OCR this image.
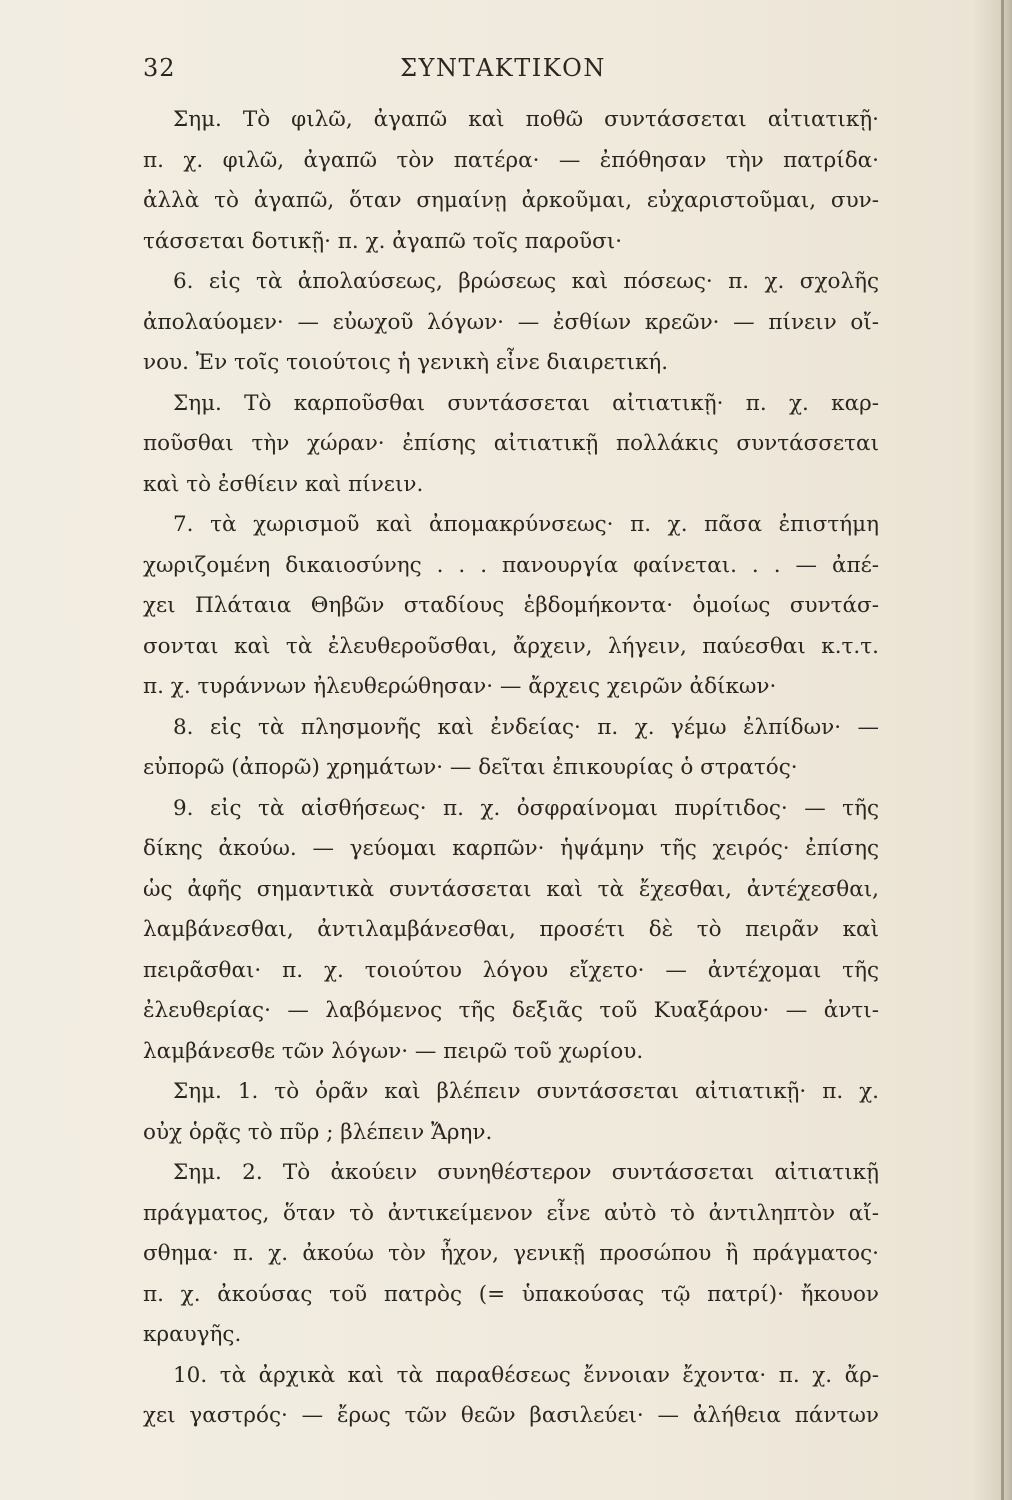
32	ΣΥΝΤΑΚΤΙΚΟΝ
Σημ. Τὸ φιλῶ, ἀγαπῶ καὶ ποθῶ συντάσσεται αἰτιατικῇ·
π. χ. φιλῶ, ἀγαπῶ τὸν πατέρα· — ἐπόθησαν τὴν πατρίδα·
ἀλλὰ τὸ ἀγαπῶ, ὅταν σημαίνῃ ἀρκοῦμαι, εὐχαριστοῦμαι, συν-
τάσσεται δοτικῇ· π. χ. ἀγαπῶ τοῖς παροῦσι·
6. εἰς τὰ ἀπολαύσεως, βρώσεως καὶ πόσεως· π. χ. σχολῆς
ἀπολαύομεν· — εὐωχοῦ λόγων· — ἐσθίων κρεῶν· — πίνειν οἴ-
νου. Ἐν τοῖς τοιούτοις ἡ γενικὴ εἶνε διαιρετική.
Σημ. Τὸ καρποῦσθαι συντάσσεται αἰτιατικῇ· π. χ. καρ-
ποῦσθαι τὴν χώραν· ἐπίσης αἰτιατικῇ πολλάκις συντάσσεται
καὶ τὸ ἐσθίειν καὶ πίνειν.
7. τὰ χωρισμοῦ καὶ ἀπομακρύνσεως· π. χ. πᾶσα ἐπιστήμη
χωριζομένη δικαιοσύνης . . . πανουργία φαίνεται. . . — ἀπέ-
χει Πλάταια Θηβῶν σταδίους ἑβδομήκοντα· ὁμοίως συντάσ-
σονται καὶ τὰ ἐλευθεροῦσθαι, ἄρχειν, λήγειν, παύεσθαι κ.τ.τ.
π. χ. τυράννων ἠλευθερώθησαν· — ἄρχεις χειρῶν ἀδίκων·
8. εἰς τὰ πλησμονῆς καὶ ἐνδείας· π. χ. γέμω ἐλπίδων· —
εὐπορῶ (ἀπορῶ) χρημάτων· — δεῖται ἐπικουρίας ὁ στρατός·
9. εἰς τὰ αἰσθήσεως· π. χ. ὀσφραίνομαι πυρίτιδος· — τῆς
δίκης ἀκούω. — γεύομαι καρπῶν· ἡψάμην τῆς χειρός· ἐπίσης
ὡς ἀφῆς σημαντικὰ συντάσσεται καὶ τὰ ἔχεσθαι, ἀντέχεσθαι,
λαμβάνεσθαι, ἀντιλαμβάνεσθαι, προσέτι δὲ τὸ πειρᾶν καὶ
πειρᾶσθαι· π. χ. τοιούτου λόγου εἴχετο· — ἀντέχομαι τῆς
ἐλευθερίας· — λαβόμενος τῆς δεξιᾶς τοῦ Κυαξάρου· — ἀντι-
λαμβάνεσθε τῶν λόγων· — πειρῶ τοῦ χωρίου.
Σημ. 1. τὸ ὁρᾶν καὶ βλέπειν συντάσσεται αἰτιατικῇ· π. χ.
οὐχ ὁρᾷς τὸ πῦρ ; βλέπειν Ἄρην.
Σημ. 2. Τὸ ἀκούειν συνηθέστερον συντάσσεται αἰτιατικῇ
πράγματος, ὅταν τὸ ἀντικείμενον εἶνε αὐτὸ τὸ ἀντιληπτὸν αἴ-
σθημα· π. χ. ἀκούω τὸν ἦχον, γενικῇ προσώπου ἢ πράγματος·
π. χ. ἀκούσας τοῦ πατρὸς (= ὑπακούσας τῷ πατρί)· ἤκουον
κραυγῆς.
10. τὰ ἀρχικὰ καὶ τὰ παραθέσεως ἔννοιαν ἔχοντα· π. χ. ἄρ-
χει γαστρός· — ἔρως τῶν θεῶν βασιλεύει· — ἀλήθεια πάντων
